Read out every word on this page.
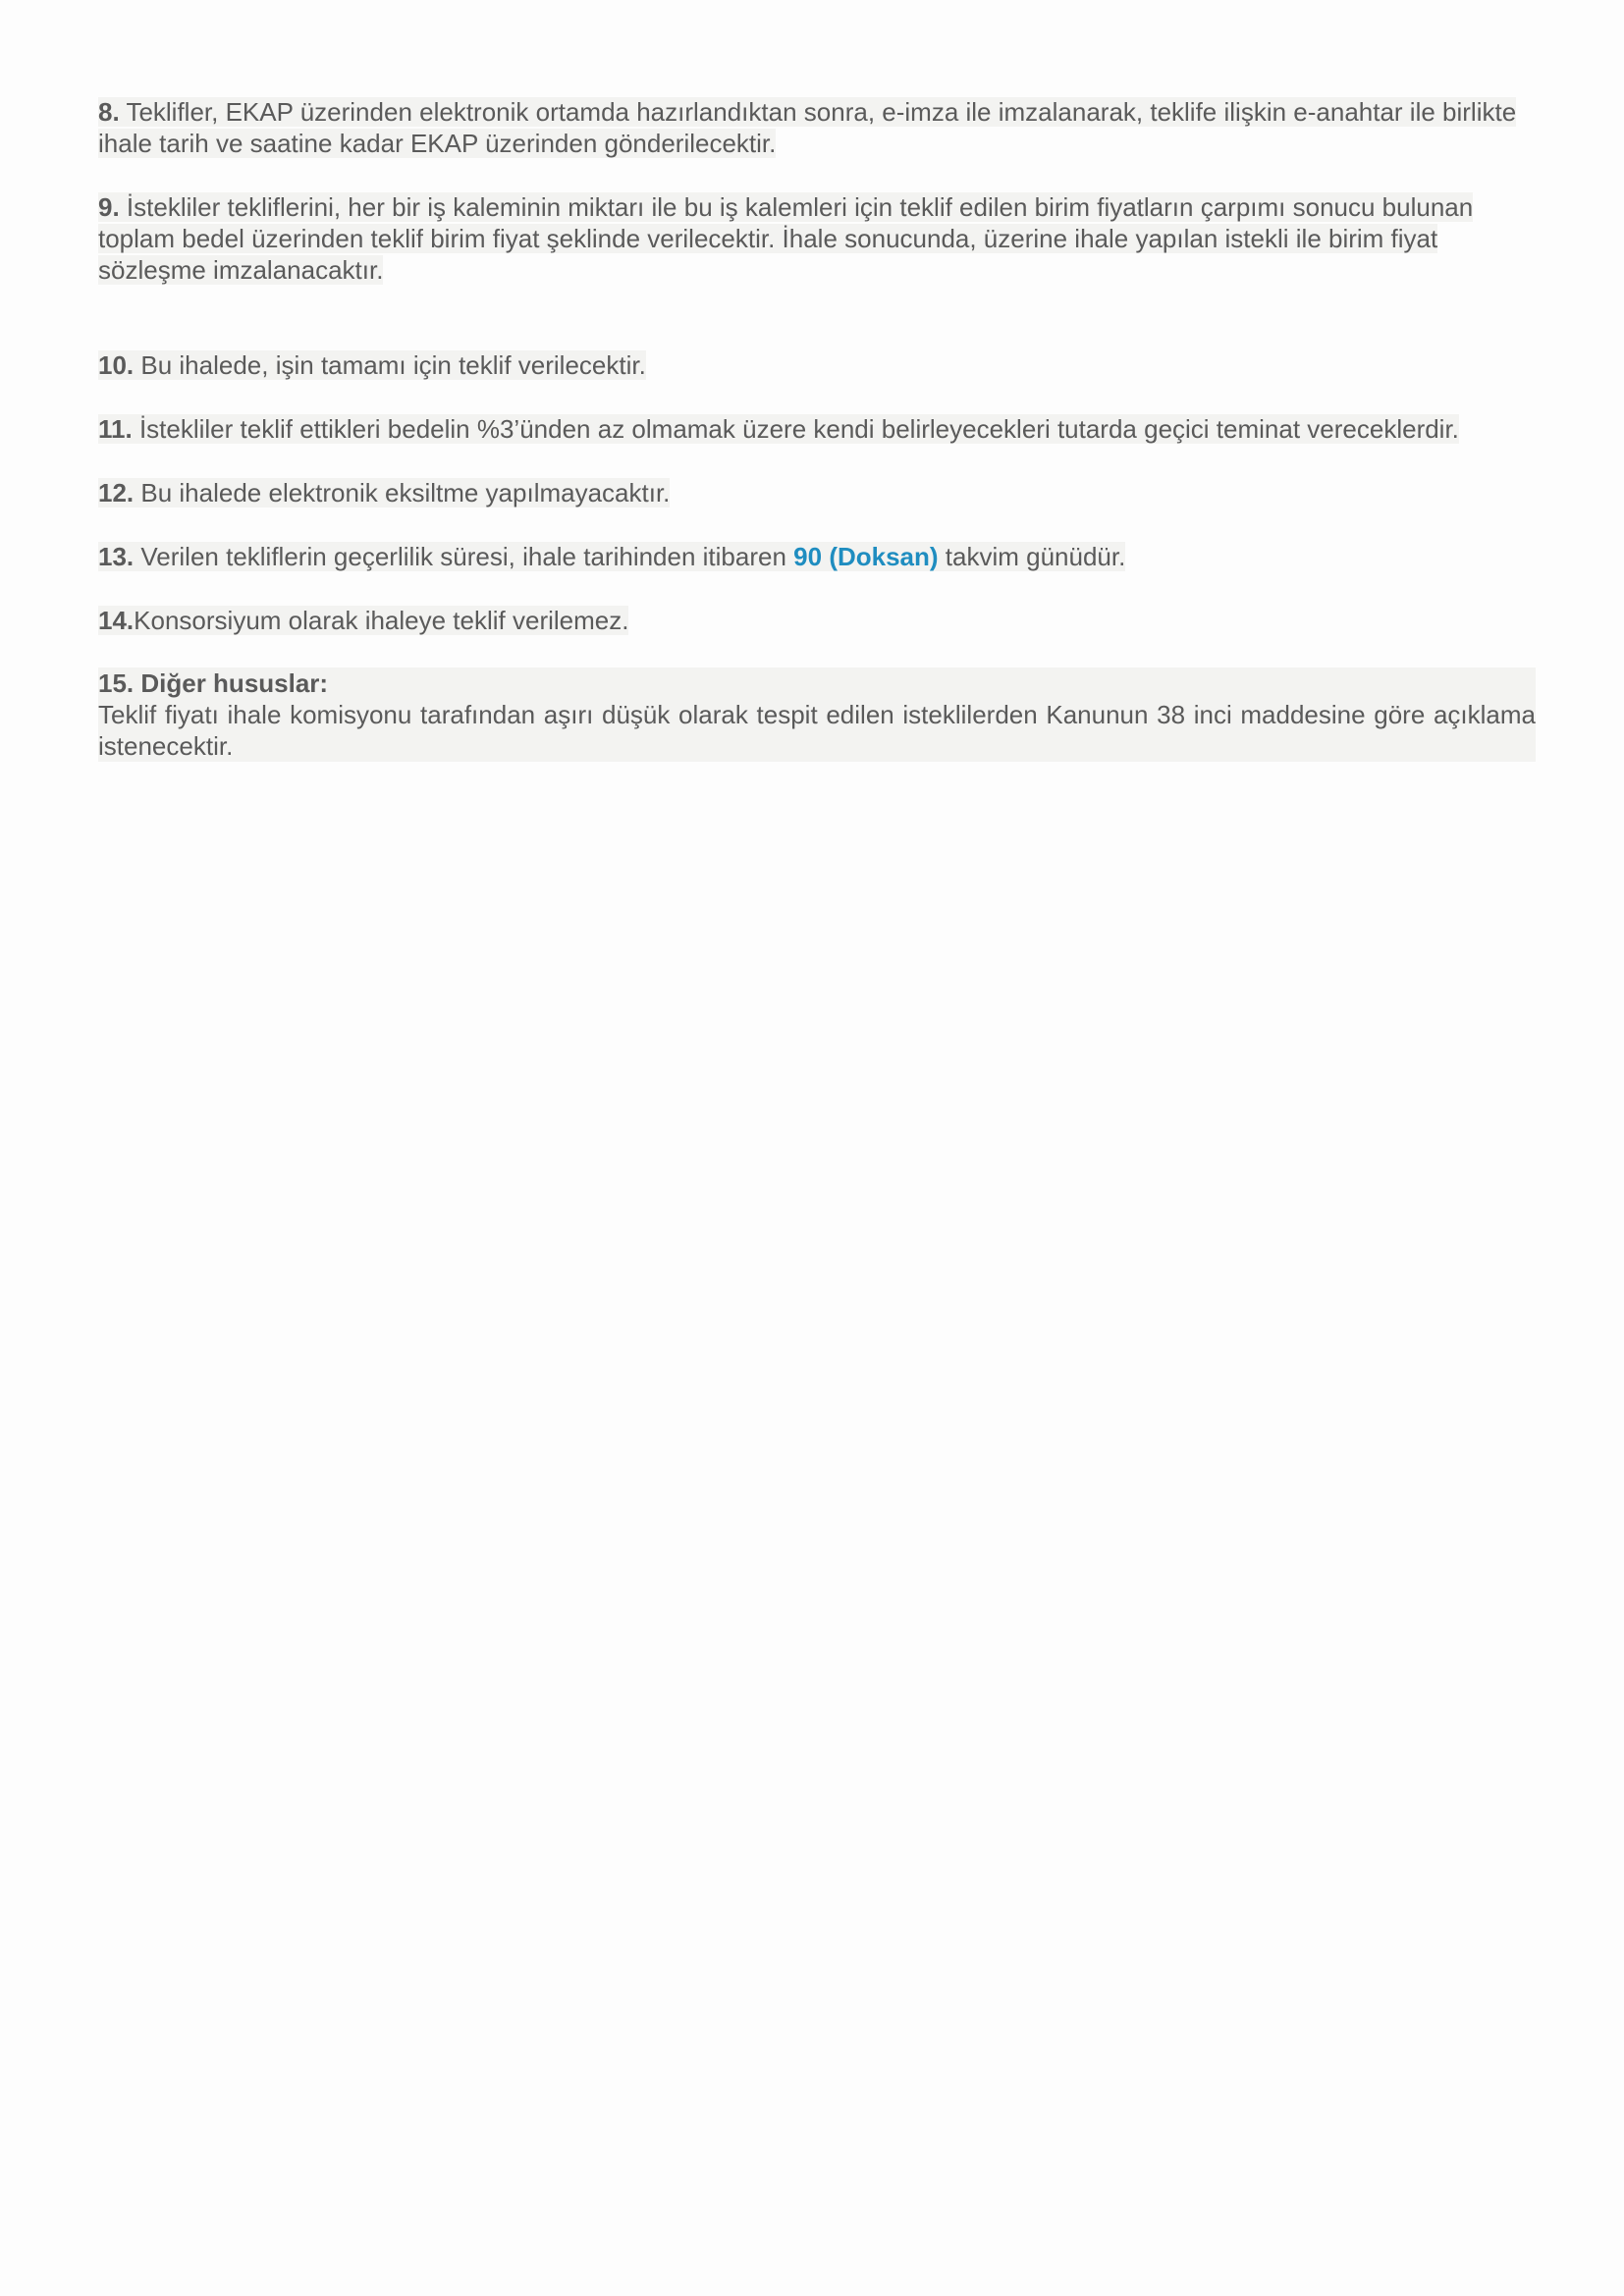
8. Teklifler, EKAP üzerinden elektronik ortamda hazırlandıktan sonra, e-imza ile imzalanarak, teklife ilişkin e-anahtar ile birlikte ihale tarih ve saatine kadar EKAP üzerinden gönderilecektir.

9. İstekliler tekliflerini, her bir iş kaleminin miktarı ile bu iş kalemleri için teklif edilen birim fiyatların çarpımı sonucu bulunan toplam bedel üzerinden teklif birim fiyat şeklinde verilecektir. İhale sonucunda, üzerine ihale yapılan istekli ile birim fiyat sözleşme imzalanacaktır.

10. Bu ihalede, işin tamamı için teklif verilecektir.

11. İstekliler teklif ettikleri bedelin %3’ünden az olmamak üzere kendi belirleyecekleri tutarda geçici teminat vereceklerdir.

12. Bu ihalede elektronik eksiltme yapılmayacaktır.

13. Verilen tekliflerin geçerlilik süresi, ihale tarihinden itibaren 90 (Doksan) takvim günüdür.

14.Konsorsiyum olarak ihaleye teklif verilemez.

15. Diğer hususlar:
Teklif fiyatı ihale komisyonu tarafından aşırı düşük olarak tespit edilen isteklilerden Kanunun 38 inci maddesine göre açıklama istenecektir.
